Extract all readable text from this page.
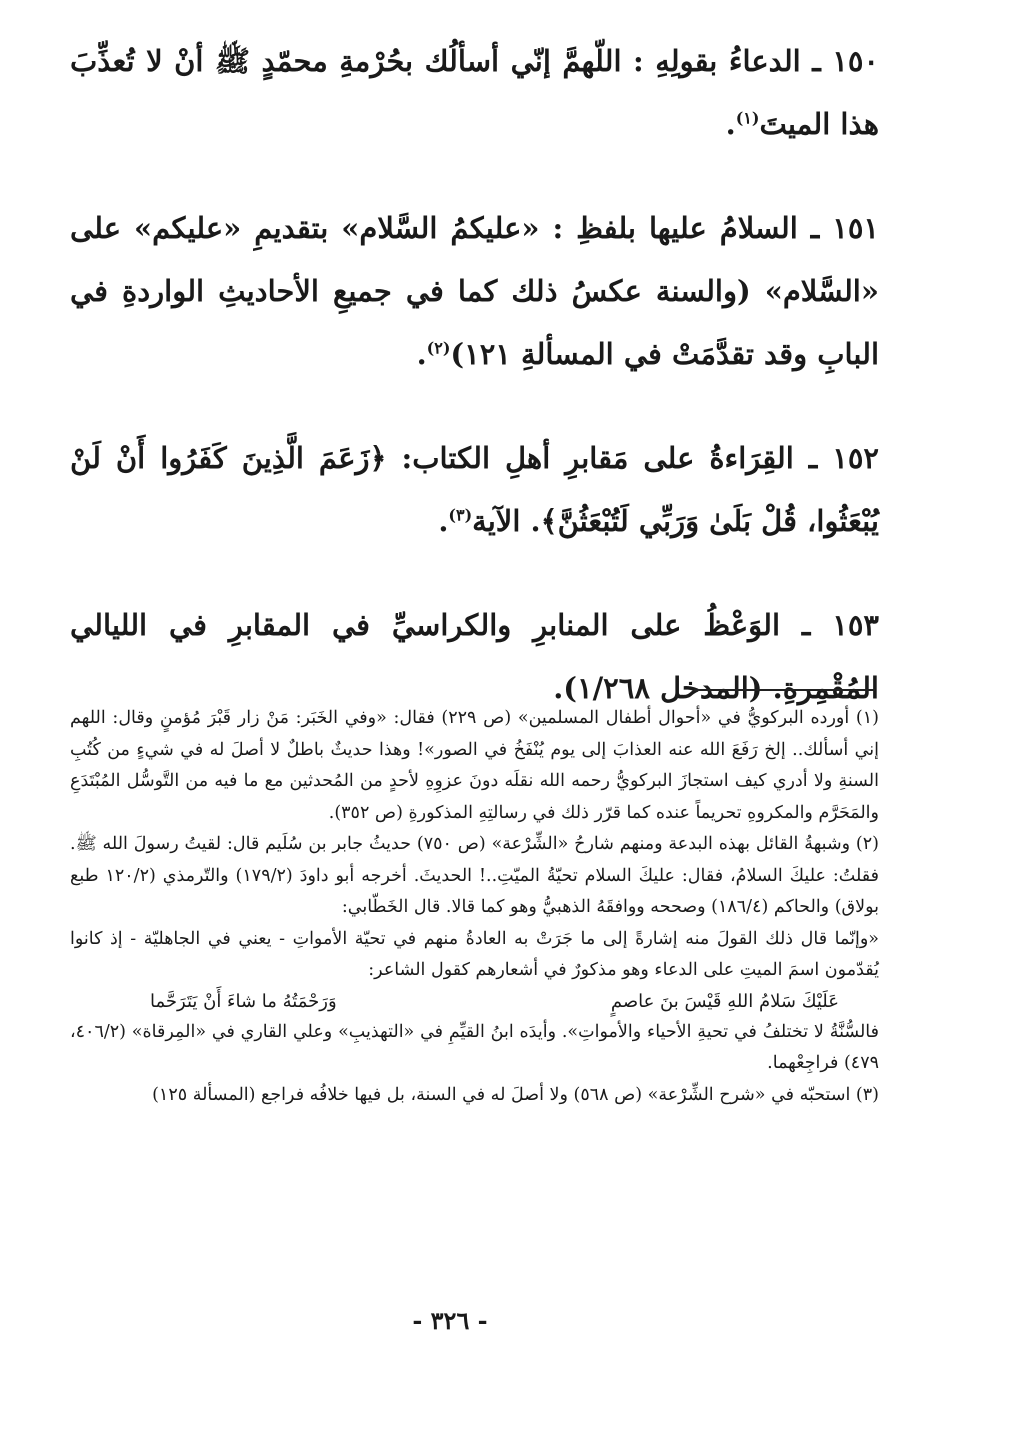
١٥٠ ـ الدعاءُ بقولِهِ : اللّهمَّ إنّي أسألُك بحُرْمةِ محمّدٍ ﷺ أنْ لا تُعذِّبَ هذا الميتَ$^{(١)}$.

١٥١ ـ السلامُ عليها بلفظِ : «عليكمُ السَّلام» بتقديمِ «عليكم» على «السَّلام» (والسنة عكسُ ذلك كما في جميعِ الأحاديثِ الواردةِ في البابِ وقد تقدَّمَتْ في المسألةِ ١٢١)$^{(٢)}$.

١٥٢ ـ القِرَاءةُ على مَقابرِ أهلِ الكتاب: ﴿زَعَمَ الَّذِينَ كَفَرُوا أَنْ لَنْ يُبْعَثُوا، قُلْ بَلَىٰ وَرَبِّي لَتُبْعَثُنَّ﴾. الآية$^{(٣)}$.

١٥٣ ـ الوَعْظُ على المنابرِ والكراسيِّ في المقابرِ في الليالي المُقْمِرةِ. (المدخل ١/٢٦٨).

(١) أورده البركويُّ في «أحوال أطفال المسلمين» (ص ٢٢٩) فقال: «وفي الخَبَر: مَنْ زار قَبْرَ مُؤمنٍ وقال: اللهم إني أسألك.. إلخ رَفَعَ الله عنه العذابَ إلى يوم يُنْفَخُ في الصور»! وهذا حديثٌ باطلٌ لا أصلَ له في شيءٍ من كُتُبِ السنةِ ولا أدري كيف استجازَ البركويُّ رحمه الله نقلَه دونَ عزوِهِ لأحدٍ من المُحدثين مع ما فيه من التَّوسُّل المُبْتَدَعِ والمَحَرَّم والمكروهِ تحريماً عنده كما قرّر ذلك في رسالتِهِ المذكورةِ (ص ٣٥٢).

(٢) وشبهةُ القائل بهذه البدعة ومنهم شارحُ «الشِّرْعة» (ص ٧٥٠) حديثُ جابر بن سُلَيم قال: لقيتُ رسولَ الله ﷺ. فقلتُ: عليكَ السلامُ، فقال: عليكَ السلام تحيّةُ الميّتِ..! الحديثَ. أخرجه أبو داودَ (١٧٩/٢) والتّرمذي (١٢٠/٢ طبع بولاق) والحاكم (١٨٦/٤) وصححه ووافقَهُ الذهبيُّ وهو كما قالا. قال الخَطّابي:

«وإنّما قال ذلك القولَ منه إشارةً إلى ما جَرَتْ به العادةُ منهم في تحيّة الأمواتِ - يعني في الجاهليّة - إذ كانوا يُقدّمون اسمَ الميتِ على الدعاء وهو مذكورٌ في أشعارهم كقول الشاعر:

عَلَيْكَ سَلامُ اللهِ قَيْسَ بنَ عاصمٍ
وَرَحْمَتُهُ ما شاءَ أَنْ يَتَرَحَّما

فالسُّنَّةُ لا تختلفُ في تحيةِ الأحياء والأمواتِ». وأيدَه ابنُ القيِّمِ في «التهذيبِ» وعلي القاري في «المِرقاة» (٤٠٦/٢، ٤٧٩) فراجِعْهما.

(٣) استحبّه في «شرح الشِّرْعة» (ص ٥٦٨) ولا أصلَ له في السنة، بل فيها خلافُه فراجع (المسألة ١٢٥)

- ٣٢٦ -
